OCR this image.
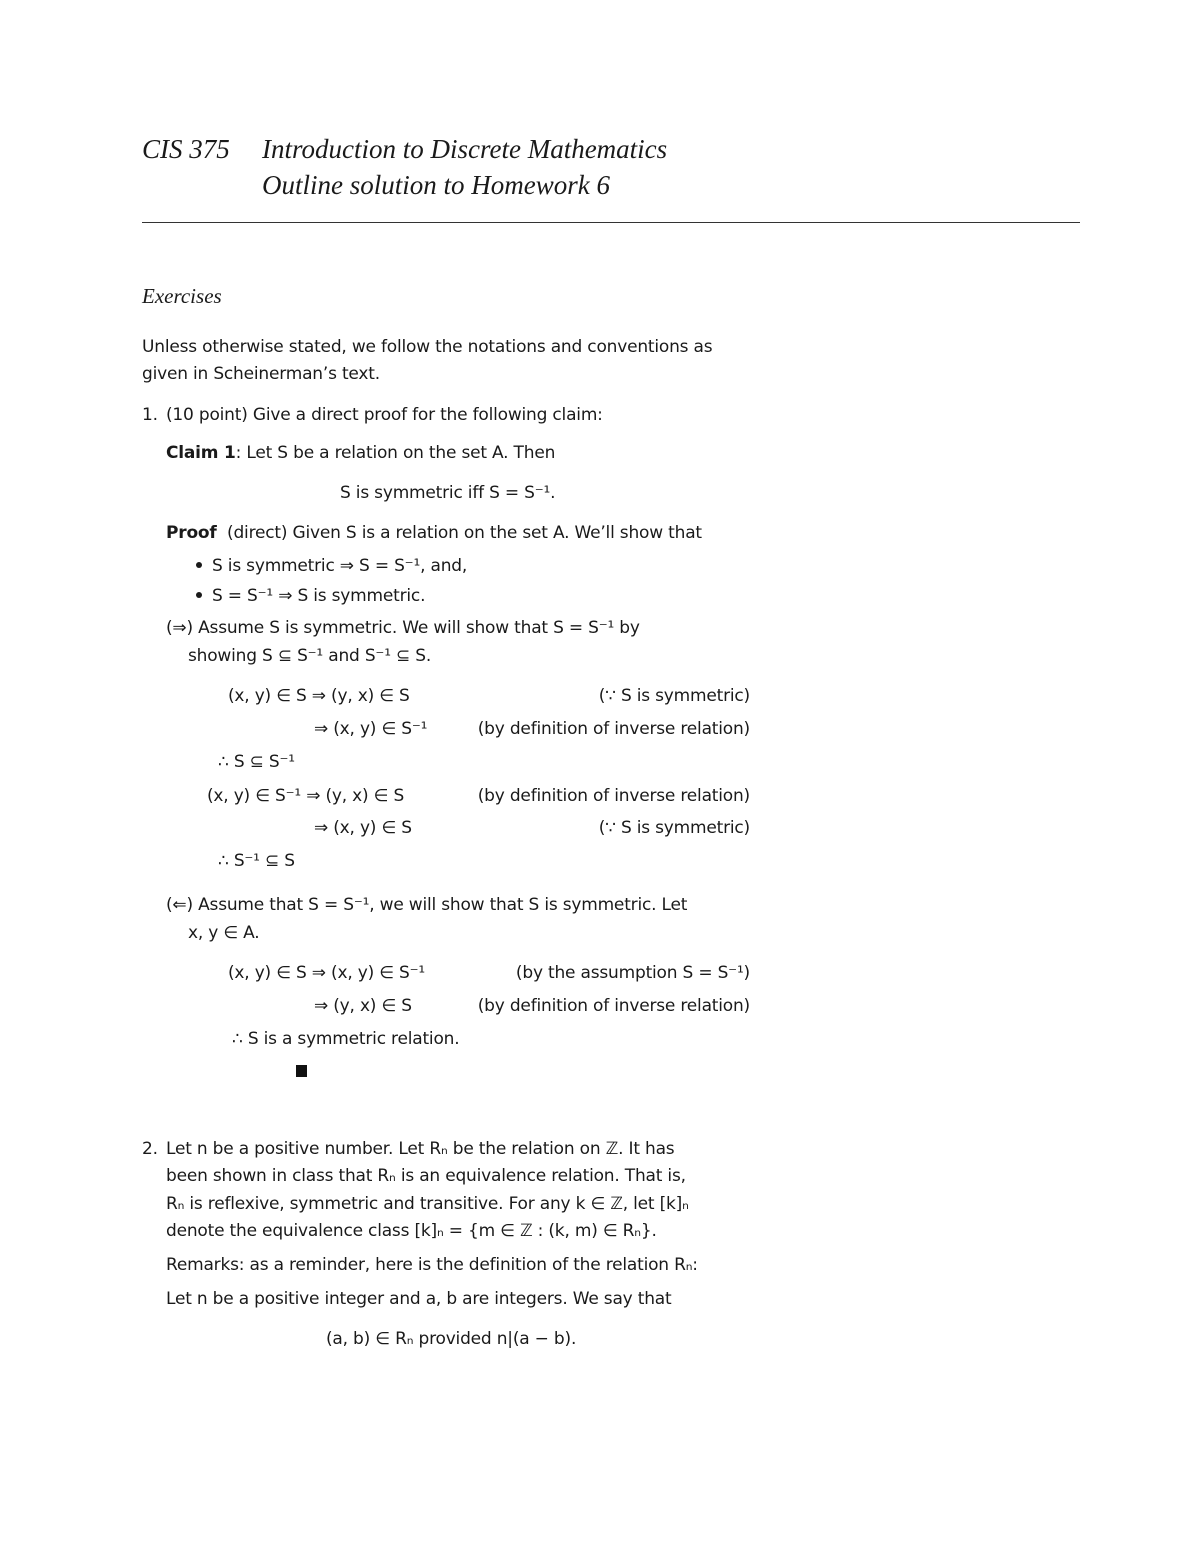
CIS 375 Introduction to Discrete Mathematics
Outline solution to Homework 6
Exercises
Unless otherwise stated, we follow the notations and conventions as
given in Scheinerman’s text.
1. (10 point) Give a direct proof for the following claim:
Claim 1: Let S be a relation on the set A. Then
S is symmetric iff S = S⁻¹.
Proof (direct) Given S is a relation on the set A. We’ll show that
S is symmetric ⇒ S = S⁻¹, and,
S = S⁻¹ ⇒ S is symmetric.
(⇒) Assume S is symmetric. We will show that S = S⁻¹ by
showing S ⊆ S⁻¹ and S⁻¹ ⊆ S.
(x, y) ∈ S ⇒ (y, x) ∈ S	(∵ S is symmetric)
⇒ (x, y) ∈ S⁻¹	(by definition of inverse relation)
∴ S ⊆ S⁻¹
(x, y) ∈ S⁻¹ ⇒ (y, x) ∈ S	(by definition of inverse relation)
⇒ (x, y) ∈ S	(∵ S is symmetric)
∴ S⁻¹ ⊆ S
(⇐) Assume that S = S⁻¹, we will show that S is symmetric. Let
x, y ∈ A.
(x, y) ∈ S ⇒ (x, y) ∈ S⁻¹	(by the assumption S = S⁻¹)
⇒ (y, x) ∈ S	(by definition of inverse relation)
∴ S is a symmetric relation.
2. Let n be a positive number. Let Rₙ be the relation on ℤ. It has
been shown in class that Rₙ is an equivalence relation. That is,
Rₙ is reflexive, symmetric and transitive. For any k ∈ ℤ, let [k]ₙ
denote the equivalence class [k]ₙ = {m ∈ ℤ : (k, m) ∈ Rₙ}.
Remarks: as a reminder, here is the definition of the relation Rₙ:
Let n be a positive integer and a, b are integers. We say that
(a, b) ∈ Rₙ provided n|(a − b).
